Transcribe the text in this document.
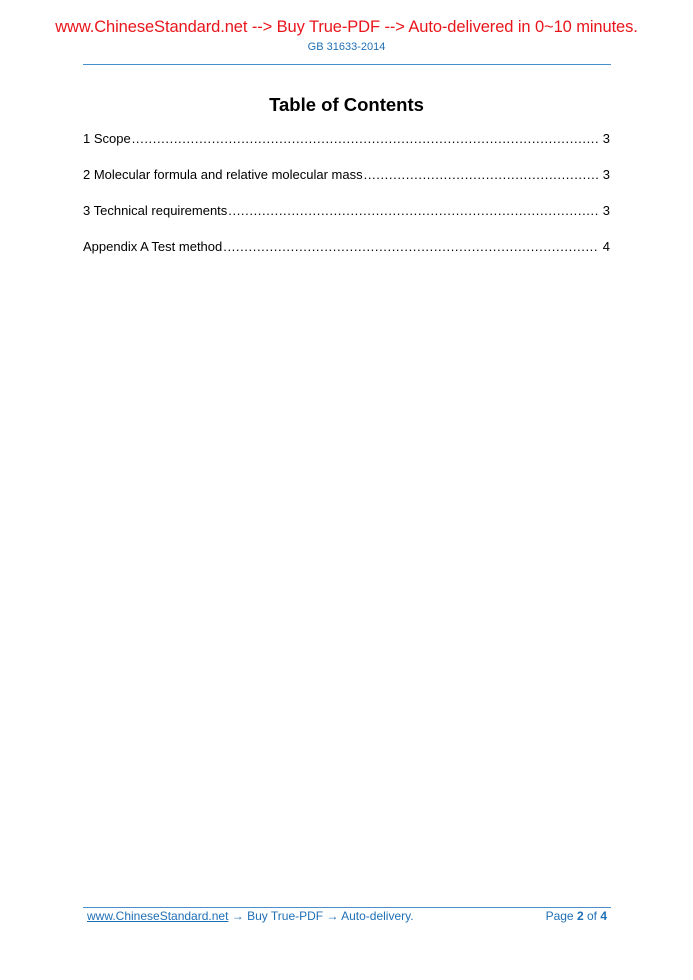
www.ChineseStandard.net --> Buy True-PDF --> Auto-delivered in 0~10 minutes.
GB 31633-2014
Table of Contents
1 Scope .....	3
2 Molecular formula and relative molecular mass .....	3
3 Technical requirements .....	3
Appendix A Test method .....	4
www.ChineseStandard.net → Buy True-PDF → Auto-delivery.	Page 2 of 4
